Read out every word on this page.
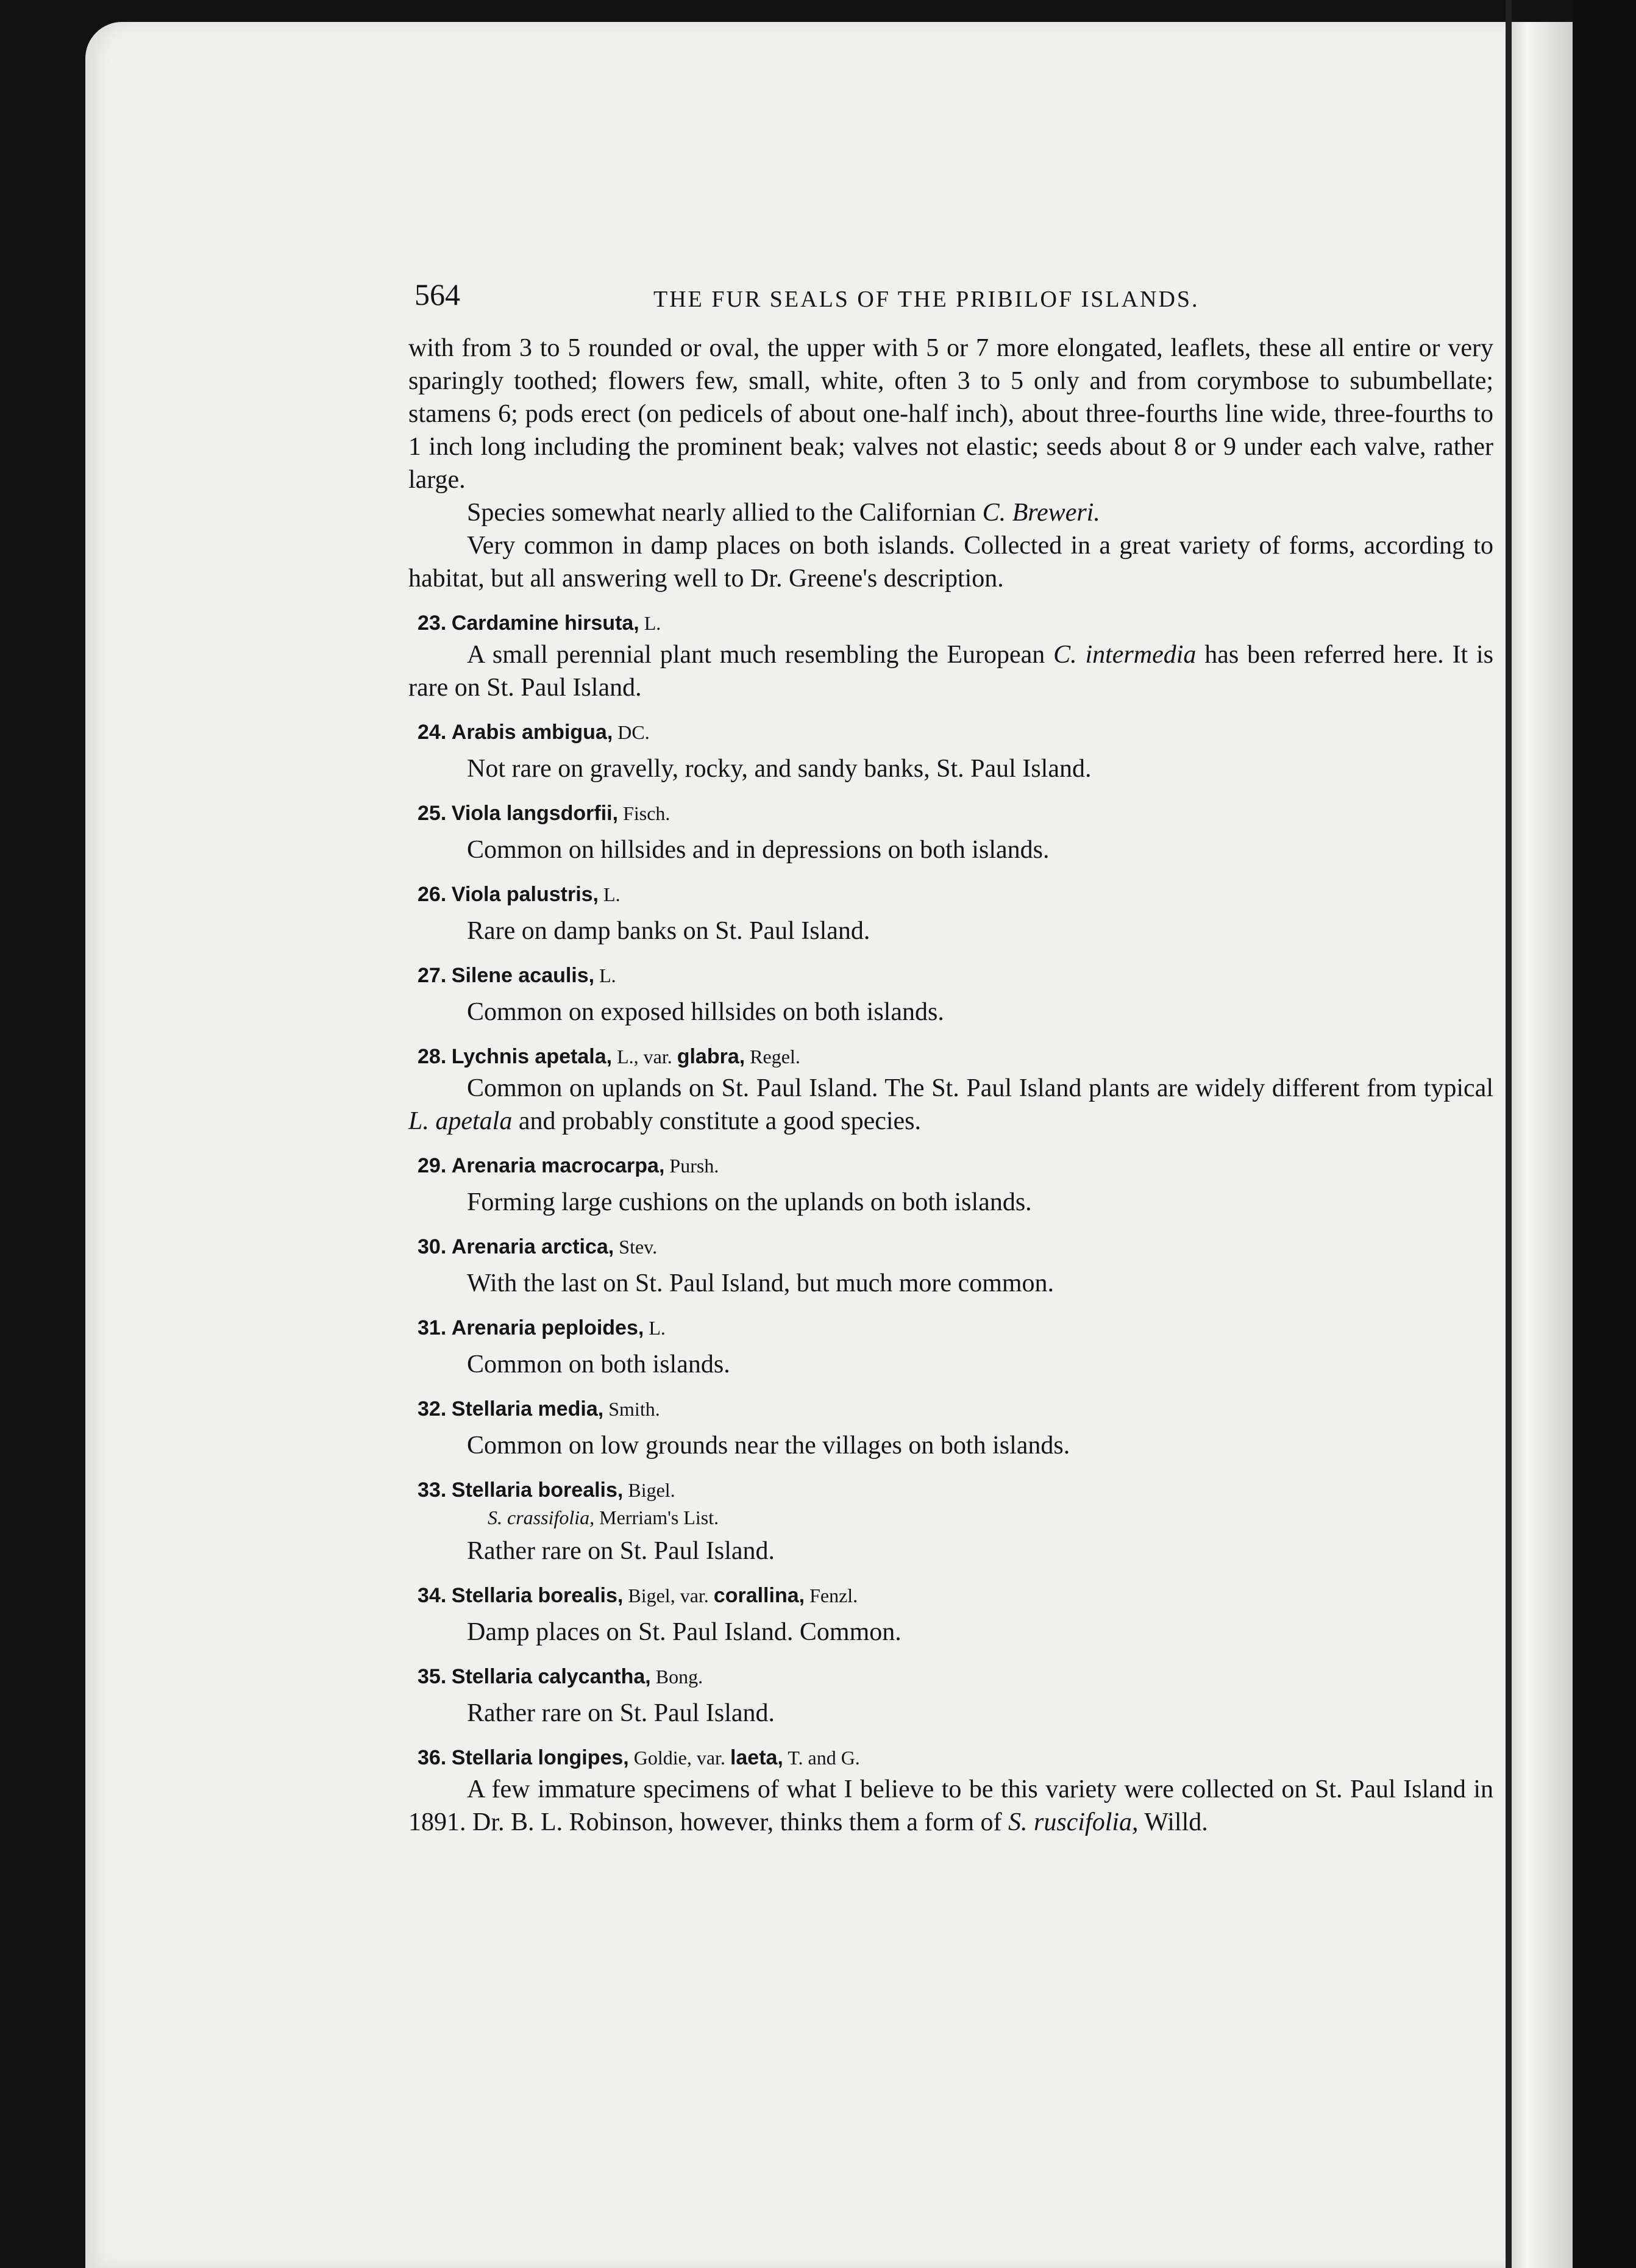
564	THE FUR SEALS OF THE PRIBILOF ISLANDS.

with from 3 to 5 rounded or oval, the upper with 5 or 7 more elongated, leaflets, these all entire or very sparingly toothed; flowers few, small, white, often 3 to 5 only and from corymbose to subumbellate; stamens 6; pods erect (on pedicels of about one-half inch), about three-fourths line wide, three-fourths to 1 inch long including the prominent beak; valves not elastic; seeds about 8 or 9 under each valve, rather large.

Species somewhat nearly allied to the Californian C. Breweri.

Very common in damp places on both islands. Collected in a great variety of forms, according to habitat, but all answering well to Dr. Greene's description.

23. Cardamine hirsuta, L.
A small perennial plant much resembling the European C. intermedia has been referred here. It is rare on St. Paul Island.
24. Arabis ambigua, DC.
Not rare on gravelly, rocky, and sandy banks, St. Paul Island.
25. Viola langsdorfii, Fisch.
Common on hillsides and in depressions on both islands.
26. Viola palustris, L.
Rare on damp banks on St. Paul Island.
27. Silene acaulis, L.
Common on exposed hillsides on both islands.
28. Lychnis apetala, L., var. glabra, Regel.
Common on uplands on St. Paul Island. The St. Paul Island plants are widely different from typical L. apetala and probably constitute a good species.
29. Arenaria macrocarpa, Pursh.
Forming large cushions on the uplands on both islands.
30. Arenaria arctica, Stev.
With the last on St. Paul Island, but much more common.
31. Arenaria peploides, L.
Common on both islands.
32. Stellaria media, Smith.
Common on low grounds near the villages on both islands.
33. Stellaria borealis, Bigel.
S. crassifolia, Merriam's List.
Rather rare on St. Paul Island.
34. Stellaria borealis, Bigel, var. corallina, Fenzl.
Damp places on St. Paul Island. Common.
35. Stellaria calycantha, Bong.
Rather rare on St. Paul Island.
36. Stellaria longipes, Goldie, var. laeta, T. and G.
A few immature specimens of what I believe to be this variety were collected on St. Paul Island in 1891. Dr. B. L. Robinson, however, thinks them a form of S. ruscifolia, Willd.
